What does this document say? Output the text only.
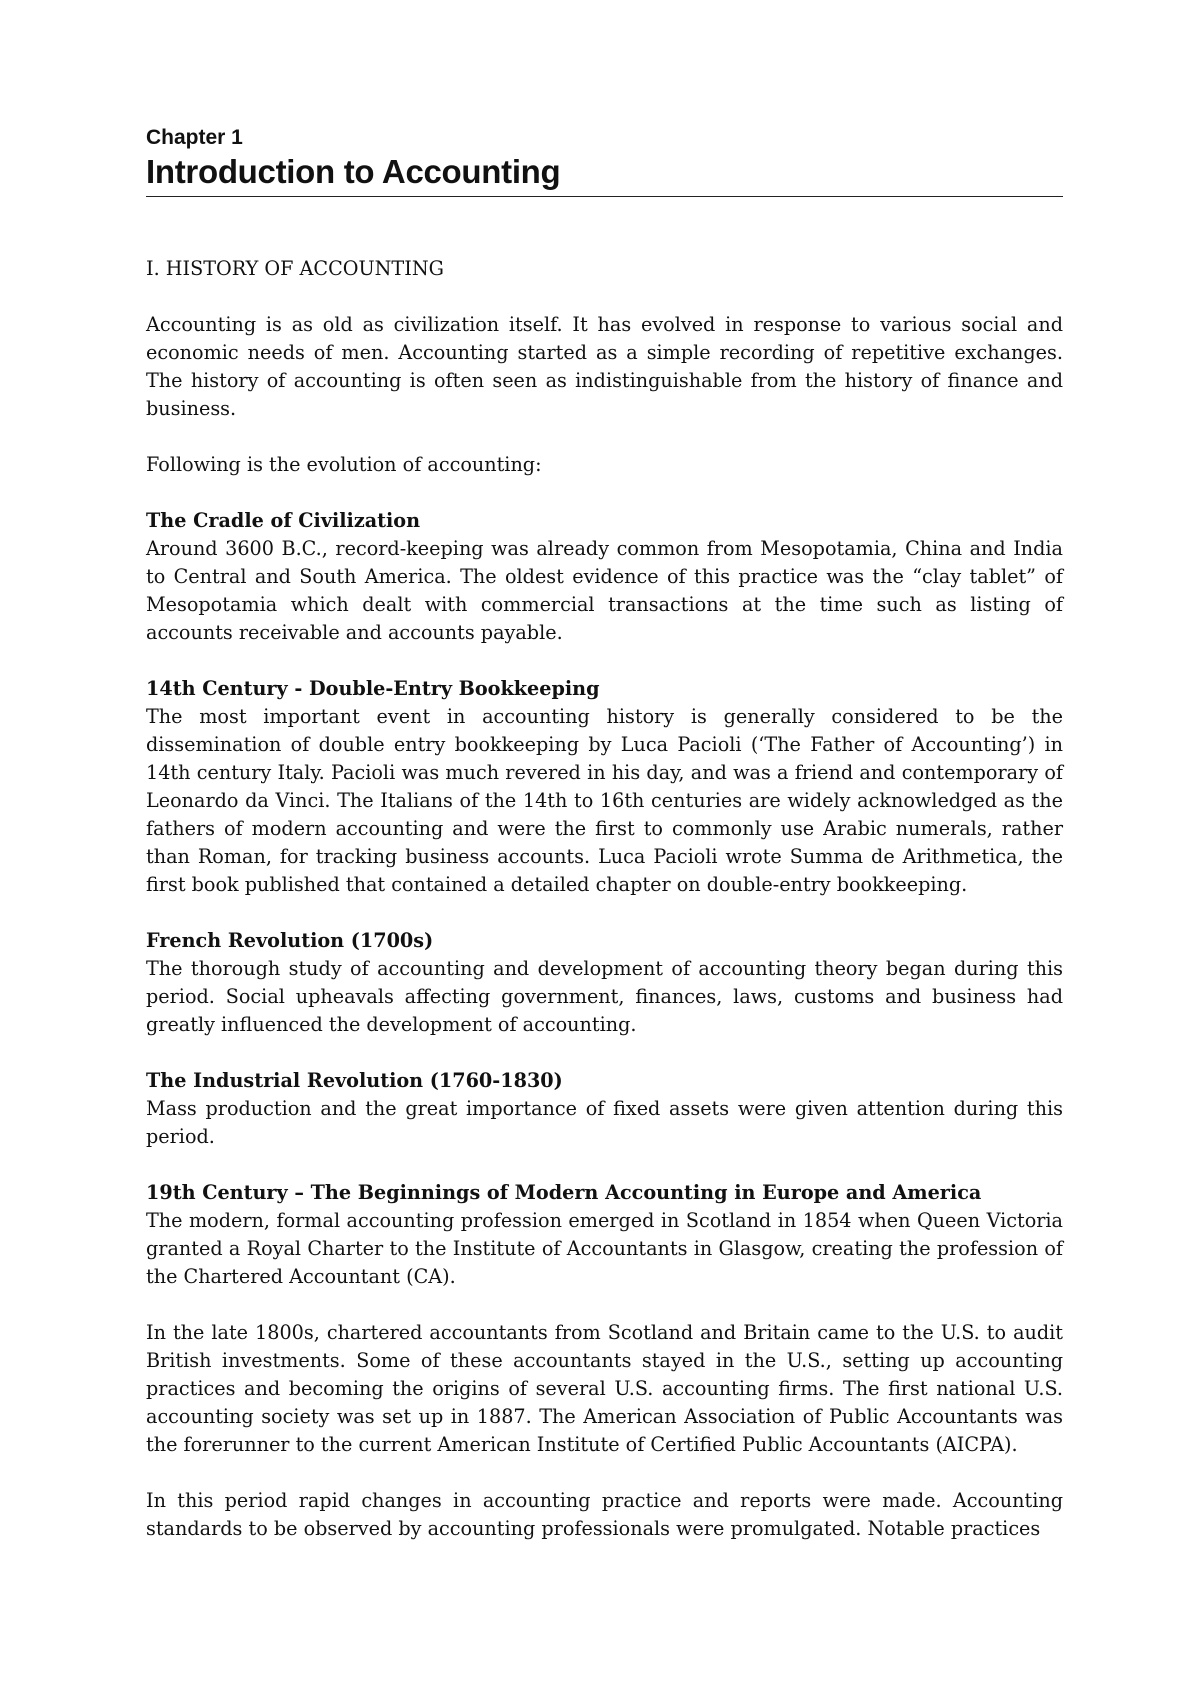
Chapter 1
Introduction to Accounting

I. HISTORY OF ACCOUNTING

Accounting is as old as civilization itself. It has evolved in response to various social and economic needs of men. Accounting started as a simple recording of repetitive exchanges. The history of accounting is often seen as indistinguishable from the history of finance and business.

Following is the evolution of accounting:

The Cradle of Civilization

Around 3600 B.C., record-keeping was already common from Mesopotamia, China and India to Central and South America. The oldest evidence of this practice was the “clay tablet” of Mesopotamia which dealt with commercial transactions at the time such as listing of accounts receivable and accounts payable.

14th Century - Double-Entry Bookkeeping

The most important event in accounting history is generally considered to be the dissemination of double entry bookkeeping by Luca Pacioli (‘The Father of Accounting’) in 14th century Italy. Pacioli was much revered in his day, and was a friend and contemporary of Leonardo da Vinci. The Italians of the 14th to 16th centuries are widely acknowledged as the fathers of modern accounting and were the first to commonly use Arabic numerals, rather than Roman, for tracking business accounts. Luca Pacioli wrote Summa de Arithmetica, the first book published that contained a detailed chapter on double-entry bookkeeping.

French Revolution (1700s)

The thorough study of accounting and development of accounting theory began during this period. Social upheavals affecting government, finances, laws, customs and business had greatly influenced the development of accounting.

The Industrial Revolution (1760-1830)

Mass production and the great importance of fixed assets were given attention during this period.

19th Century – The Beginnings of Modern Accounting in Europe and America

The modern, formal accounting profession emerged in Scotland in 1854 when Queen Victoria granted a Royal Charter to the Institute of Accountants in Glasgow, creating the profession of the Chartered Accountant (CA).

In the late 1800s, chartered accountants from Scotland and Britain came to the U.S. to audit British investments. Some of these accountants stayed in the U.S., setting up accounting practices and becoming the origins of several U.S. accounting firms. The first national U.S. accounting society was set up in 1887. The American Association of Public Accountants was the forerunner to the current American Institute of Certified Public Accountants (AICPA).

In this period rapid changes in accounting practice and reports were made. Accounting standards to be observed by accounting professionals were promulgated. Notable practices
